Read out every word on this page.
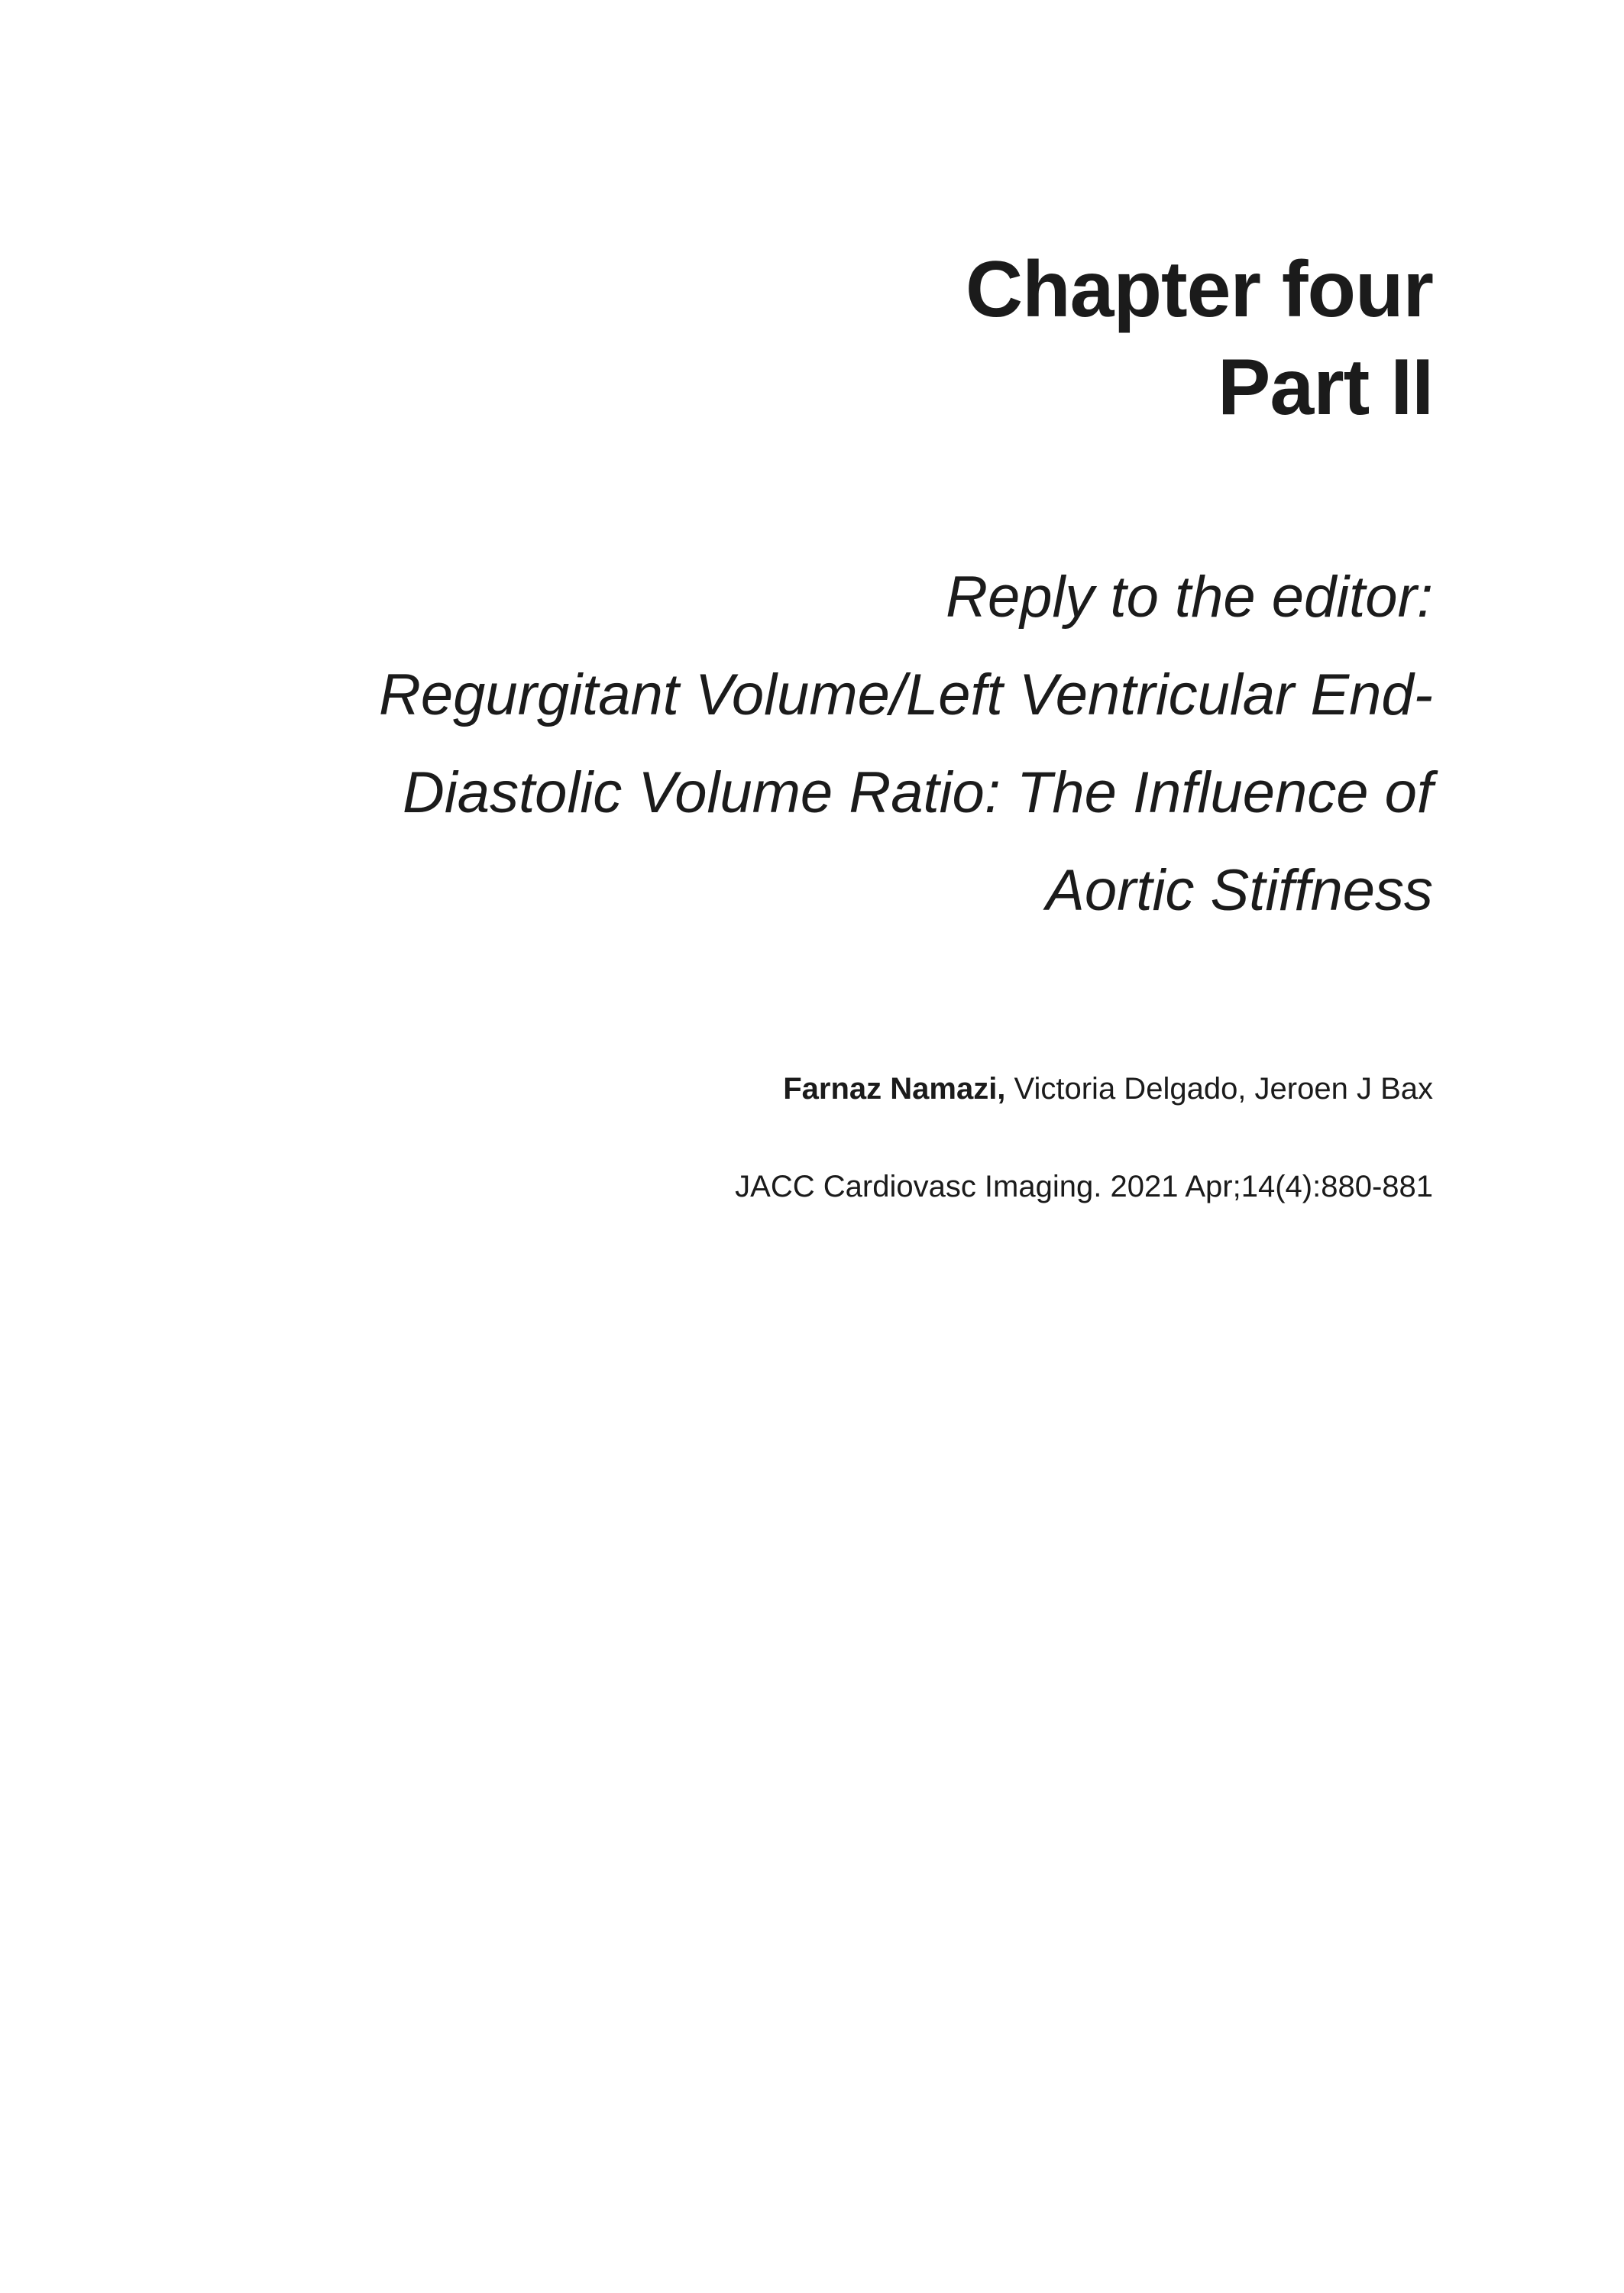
Chapter four
Part II
Reply to the editor:
Regurgitant Volume/Left Ventricular End-
Diastolic Volume Ratio: The Influence of
Aortic Stiffness
Farnaz Namazi, Victoria Delgado, Jeroen J Bax
JACC Cardiovasc Imaging. 2021 Apr;14(4):880-881
